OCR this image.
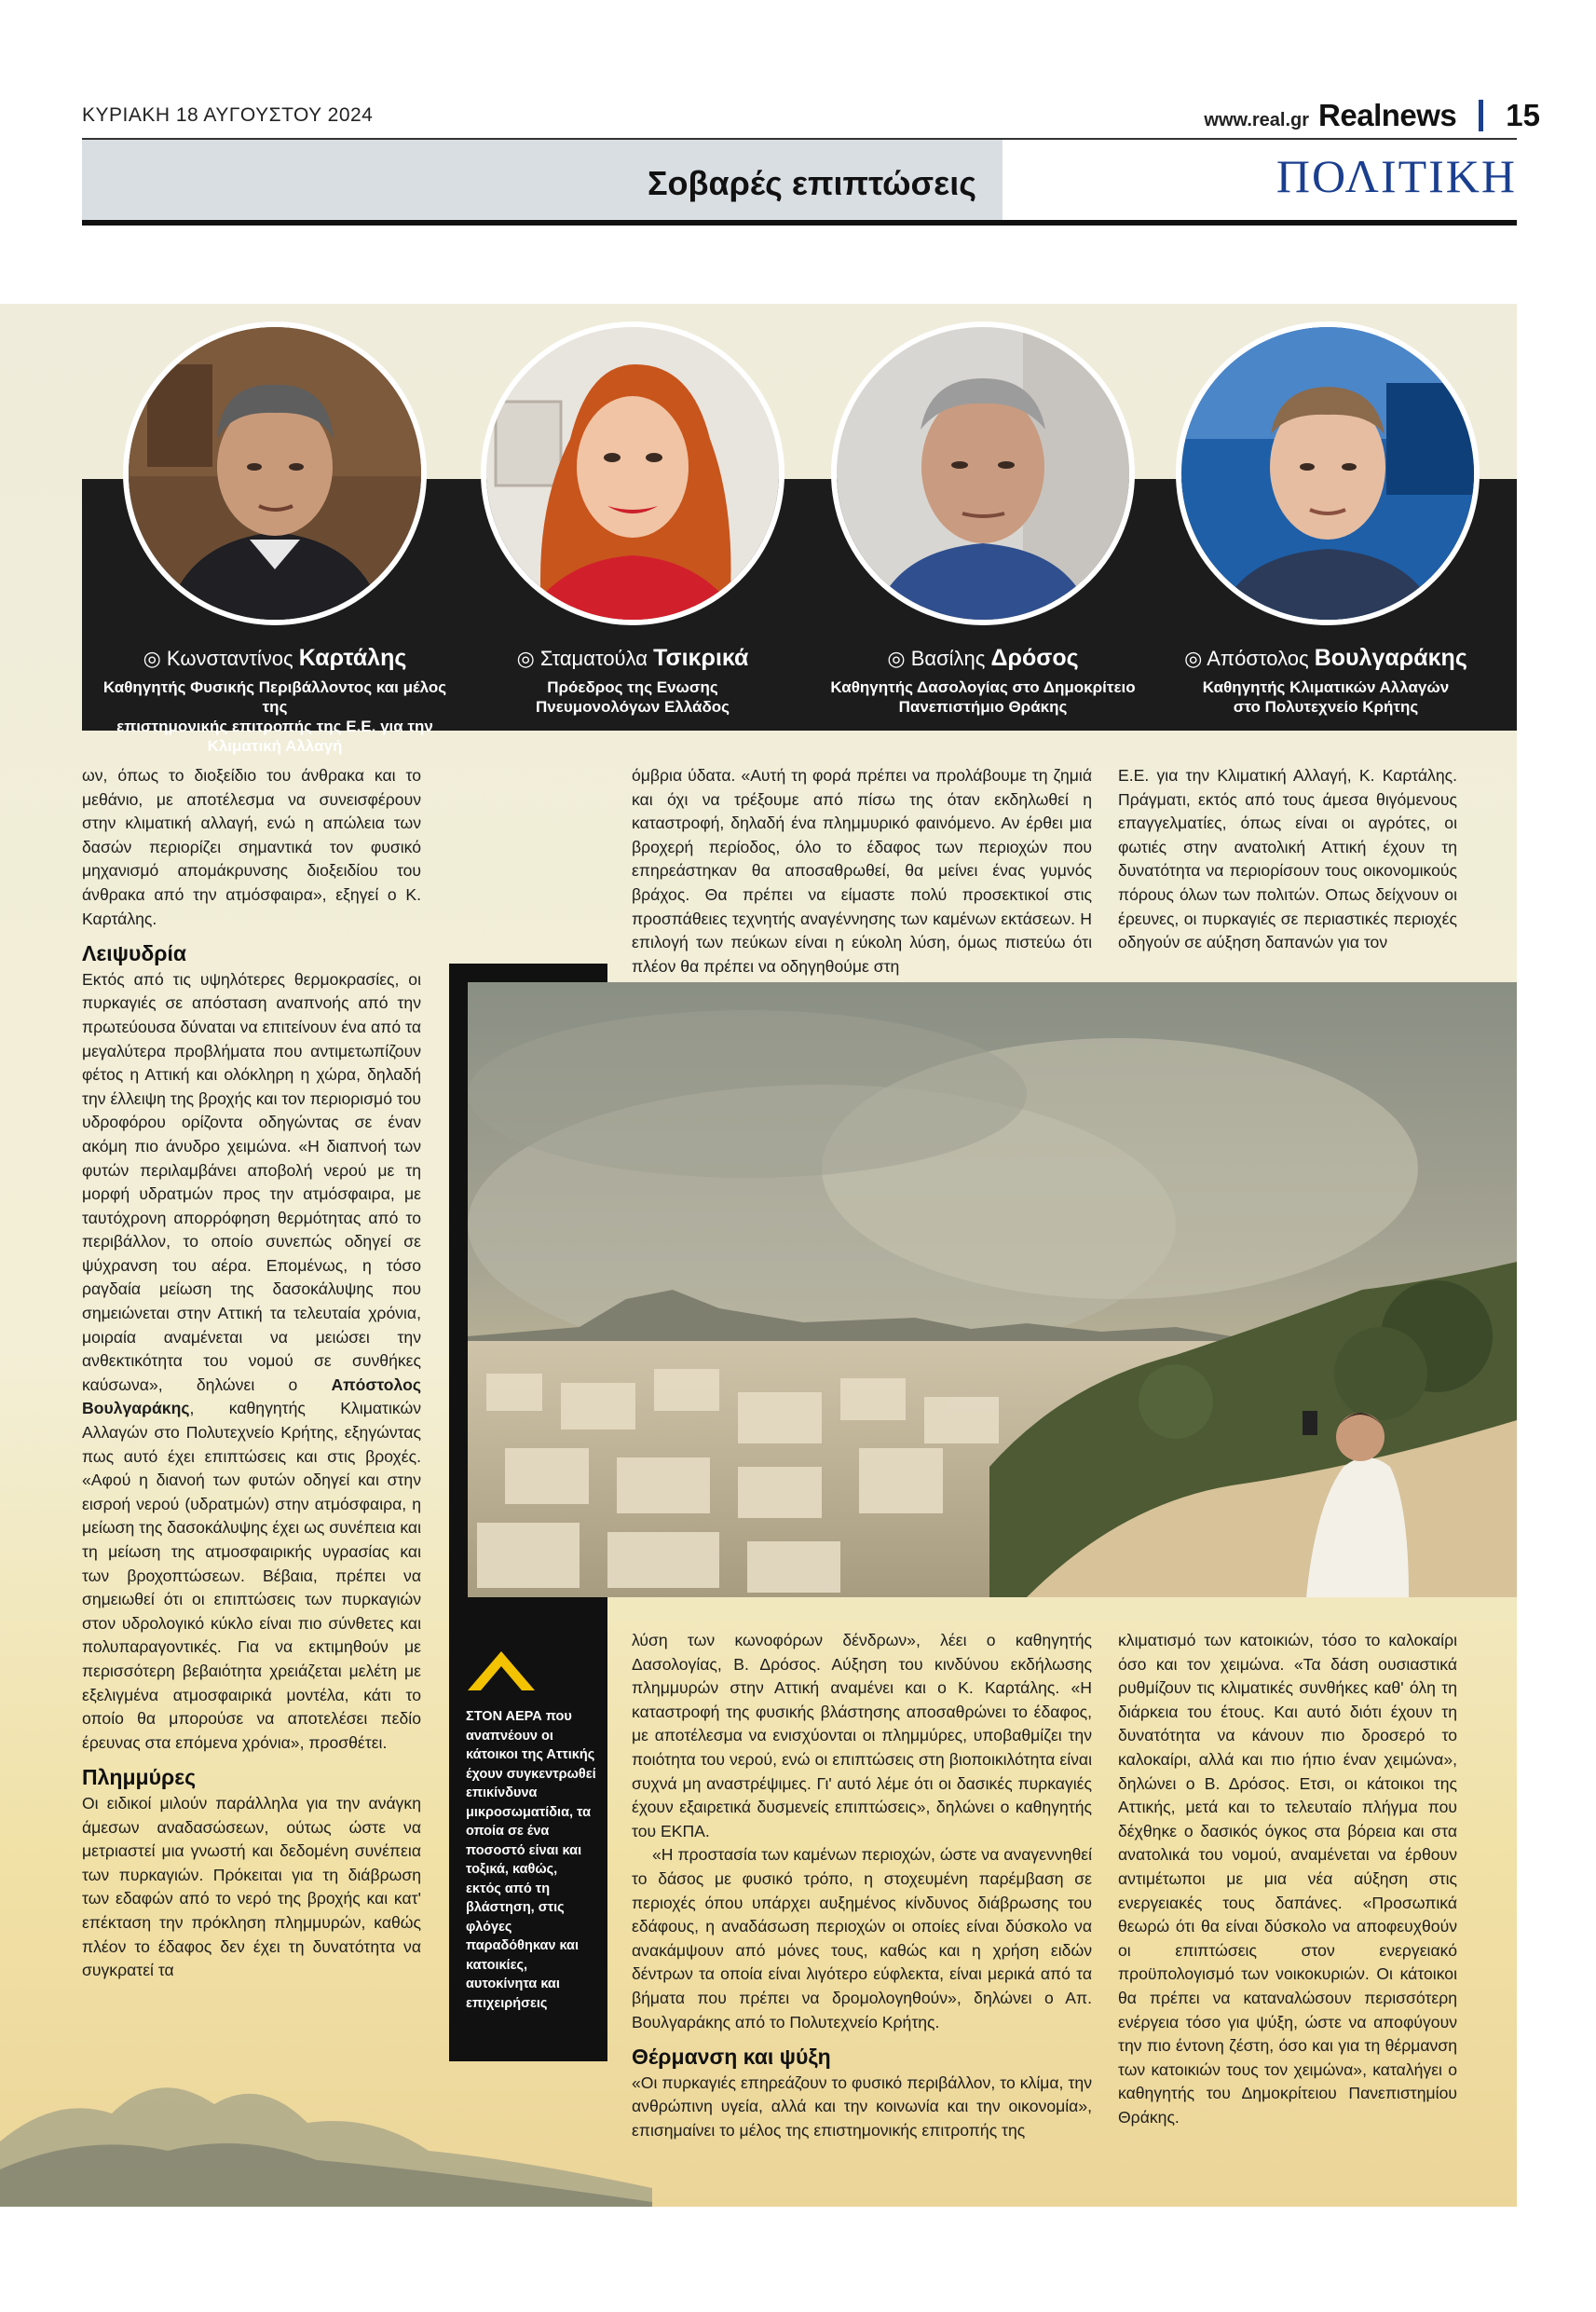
ΚΥΡΙΑΚΗ 18 ΑΥΓΟΥΣΤΟΥ 2024	www.real.gr Realnews 15
Σοβαρές επιπτώσεις	ΠΟΛΙΤΙΚΗ
◎ Κωνσταντίνος Καρτάλης
Καθηγητής Φυσικής Περιβάλλοντος και μέλος της
επιστημονικής επιτροπής της Ε.Ε. για την Κλιματική Αλλαγή
◎ Σταματούλα Τσικρικά
Πρόεδρος της Ενωσης
Πνευμονολόγων Ελλάδος
◎ Βασίλης Δρόσος
Καθηγητής Δασολογίας στο Δημοκρίτειο
Πανεπιστήμιο Θράκης
◎ Απόστολος Βουλγαράκης
Καθηγητής Κλιματικών Αλλαγών
στο Πολυτεχνείο Κρήτης

ων, όπως το διοξείδιο του άνθρακα και το μεθάνιο, με αποτέλεσμα να συνεισφέρουν στην κλιματική αλλαγή, ενώ η απώλεια των δασών περιορίζει σημαντικά τον φυσικό μηχανισμό απομάκρυνσης διοξειδίου του άνθρακα από την ατμόσφαιρα», εξηγεί ο Κ. Καρτάλης.

Λειψυδρία

Εκτός από τις υψηλότερες θερμοκρασίες, οι πυρκαγιές σε απόσταση αναπνοής από την πρωτεύουσα δύναται να επιτείνουν ένα από τα μεγαλύτερα προβλήματα που αντιμετωπίζουν φέτος η Αττική και ολόκληρη η χώρα, δηλαδή την έλλειψη της βροχής και τον περιορισμό του υδροφόρου ορίζοντα οδηγώντας σε έναν ακόμη πιο άνυδρο χειμώνα. «Η διαπνοή των φυτών περιλαμβάνει αποβολή νερού με τη μορφή υδρατμών προς την ατμόσφαιρα, με ταυτόχρονη απορρόφηση θερμότητας από το περιβάλλον, το οποίο συνεπώς οδηγεί σε ψύχρανση του αέρα. Επομένως, η τόσο ραγδαία μείωση της δασοκάλυψης που σημειώνεται στην Αττική τα τελευταία χρόνια, μοιραία αναμένεται να μειώσει την ανθεκτικότητα του νομού σε συνθήκες καύσωνα», δηλώνει ο Απόστολος Βουλγαράκης, καθηγητής Κλιματικών Αλλαγών στο Πολυτεχνείο Κρήτης, εξηγώντας πως αυτό έχει επιπτώσεις και στις βροχές. «Αφού η διανοή των φυτών οδηγεί και στην εισροή νερού (υδρατμών) στην ατμόσφαιρα, η μείωση της δασοκάλυψης έχει ως συνέπεια και τη μείωση της ατμοσφαιρικής υγρασίας και των βροχοπτώσεων. Βέβαια, πρέπει να σημειωθεί ότι οι επιπτώσεις των πυρκαγιών στον υδρολογικό κύκλο είναι πιο σύνθετες και πολυπαραγοντικές. Για να εκτιμηθούν με περισσότερη βεβαιότητα χρειάζεται μελέτη με εξελιγμένα ατμοσφαιρικά μοντέλα, κάτι το οποίο θα μπορούσε να αποτελέσει πεδίο έρευνας στα επόμενα χρόνια», προσθέτει.

Πλημμύρες

Οι ειδικοί μιλούν παράλληλα για την ανάγκη άμεσων αναδασώσεων, ούτως ώστε να μετριαστεί μια γνωστή και δεδομένη συνέπεια των πυρκαγιών. Πρόκειται για τη διάβρωση των εδαφών από το νερό της βροχής και κατ' επέκταση την πρόκληση πλημμυρών, καθώς πλέον το έδαφος δεν έχει τη δυνατότητα να συγκρατεί τα

όμβρια ύδατα. «Αυτή τη φορά πρέπει να προλάβουμε τη ζημιά και όχι να τρέξουμε από πίσω της όταν εκδηλωθεί η καταστροφή, δηλαδή ένα πλημμυρικό φαινόμενο. Αν έρθει μια βροχερή περίοδος, όλο το έδαφος των περιοχών που επηρεάστηκαν θα αποσαθρωθεί, θα μείνει ένας γυμνός βράχος. Θα πρέπει να είμαστε πολύ προσεκτικοί στις προσπάθειες τεχνητής αναγέννησης των καμένων εκτάσεων. Η επιλογή των πεύκων είναι η εύκολη λύση, όμως πιστεύω ότι πλέον θα πρέπει να οδηγηθούμε στη

Ε.Ε. για την Κλιματική Αλλαγή, Κ. Καρτάλης. Πράγματι, εκτός από τους άμεσα θιγόμενους επαγγελματίες, όπως είναι οι αγρότες, οι φωτιές στην ανατολική Αττική έχουν τη δυνατότητα να περιορίσουν τους οικονομικούς πόρους όλων των πολιτών. Οπως δείχνουν οι έρευνες, οι πυρκαγιές σε περιαστικές περιοχές οδηγούν σε αύξηση δαπανών για τον

ΣΤΟΝ ΑΕΡΑ που αναπνέουν οι κάτοικοι της Αττικής έχουν συγκεντρωθεί επικίνδυνα μικροσωματίδια, τα οποία σε ένα ποσοστό είναι και τοξικά, καθώς, εκτός από τη βλάστηση, στις φλόγες παραδόθηκαν και κατοικίες, αυτοκίνητα και επιχειρήσεις

λύση των κωνοφόρων δένδρων», λέει ο καθηγητής Δασολογίας, Β. Δρόσος. Αύξηση του κινδύνου εκδήλωσης πλημμυρών στην Αττική αναμένει και ο Κ. Καρτάλης. «Η καταστροφή της φυσικής βλάστησης αποσαθρώνει το έδαφος, με αποτέλεσμα να ενισχύονται οι πλημμύρες, υποβαθμίζει την ποιότητα του νερού, ενώ οι επιπτώσεις στη βιοποικιλότητα είναι συχνά μη αναστρέψιμες. Γι' αυτό λέμε ότι οι δασικές πυρκαγιές έχουν εξαιρετικά δυσμενείς επιπτώσεις», δηλώνει ο καθηγητής του ΕΚΠΑ.

«Η προστασία των καμένων περιοχών, ώστε να αναγεννηθεί το δάσος με φυσικό τρόπο, η στοχευμένη παρέμβαση σε περιοχές όπου υπάρχει αυξημένος κίνδυνος διάβρωσης του εδάφους, η αναδάσωση περιοχών οι οποίες είναι δύσκολο να ανακάμψουν από μόνες τους, καθώς και η χρήση ειδών δέντρων τα οποία είναι λιγότερο εύφλεκτα, είναι μερικά από τα βήματα που πρέπει να δρομολογηθούν», δηλώνει ο Απ. Βουλγαράκης από το Πολυτεχνείο Κρήτης.

Θέρμανση και ψύξη

«Οι πυρκαγιές επηρεάζουν το φυσικό περιβάλλον, το κλίμα, την ανθρώπινη υγεία, αλλά και την κοινωνία και την οικονομία», επισημαίνει το μέλος της επιστημονικής επιτροπής της

κλιματισμό των κατοικιών, τόσο το καλοκαίρι όσο και τον χειμώνα. «Τα δάση ουσιαστικά ρυθμίζουν τις κλιματικές συνθήκες καθ' όλη τη διάρκεια του έτους. Και αυτό διότι έχουν τη δυνατότητα να κάνουν πιο δροσερό το καλοκαίρι, αλλά και πιο ήπιο έναν χειμώνα», δηλώνει ο Β. Δρόσος. Ετσι, οι κάτοικοι της Αττικής, μετά και το τελευταίο πλήγμα που δέχθηκε ο δασικός όγκος στα βόρεια και στα ανατολικά του νομού, αναμένεται να έρθουν αντιμέτωποι με μια νέα αύξηση στις ενεργειακές τους δαπάνες. «Προσωπικά θεωρώ ότι θα είναι δύσκολο να αποφευχθούν οι επιπτώσεις στον ενεργειακό προϋπολογισμό των νοικοκυριών. Οι κάτοικοι θα πρέπει να καταναλώσουν περισσότερη ενέργεια τόσο για ψύξη, ώστε να αποφύγουν την πιο έντονη ζέστη, όσο και για τη θέρμανση των κατοικιών τους τον χειμώνα», καταλήγει ο καθηγητής του Δημοκρίτειου Πανεπιστημίου Θράκης.
